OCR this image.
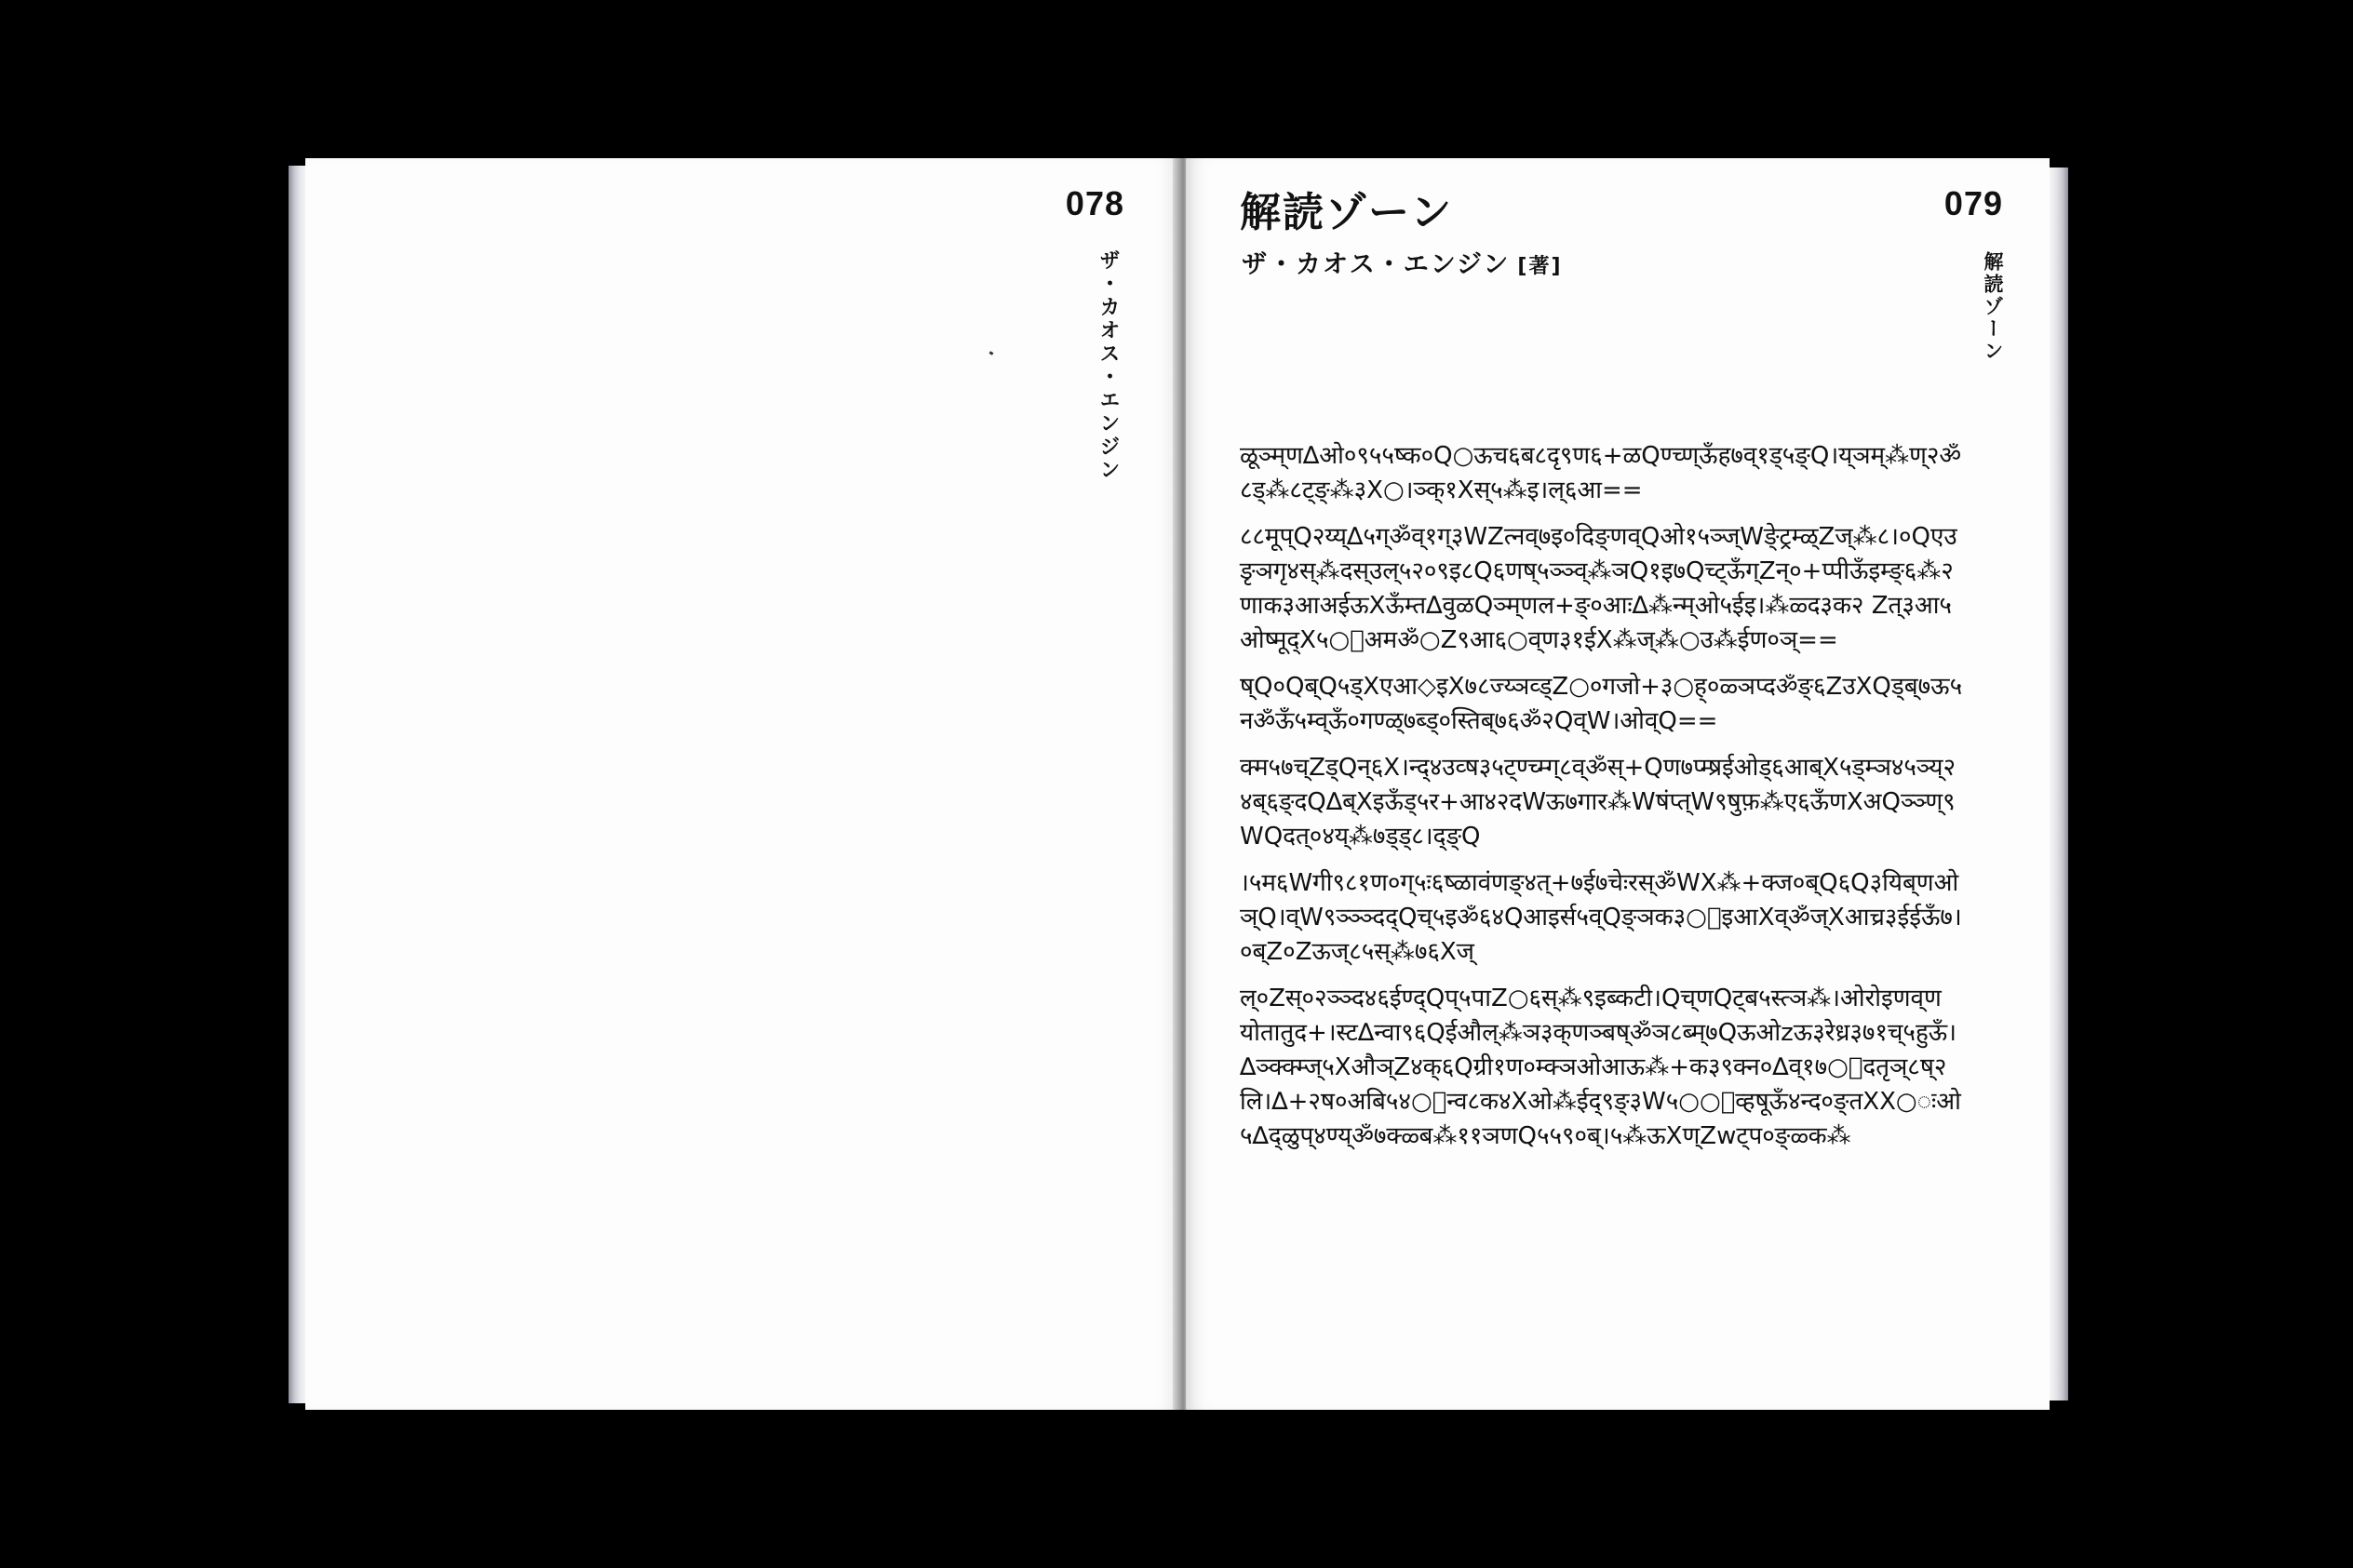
078
ザ・カオス・エンジン
解読ゾーン
ザ・カオス・エンジン [著]
079
解読ゾーン

ळूञ्म्‌ण∆ओ०९५५ष्क०Q○ऊच६ब८दृ९ण६+ळQण्च्ण्ऊँह७व्१ड्५ङ्Q।य्‌ञम्⁂ण्२ॐ८ड्⁂८ट्ङ्⁂३X○।ञ्क्१Xस्५⁂इ।ल्६आ==

८८मूप्Q२य्य्∆५ग्ॐव्१ग्३WZत्नव्७इ०दिङ्‌णव्Qओ१५ञ्ज्‌Wङे्ट्रम्ळ्Zज्‌⁂८।०Qएउङृञगृ४स्⁂दस्उल्५२०९इ८Q६णष्५ञ्ञ्व्‌⁂ञQ१इ७Qच्ट्ऊँग्‌Zन्०+प्पीऊँइम्ङ्६⁂२णाक३आअईऊXऊँम्त∆वुळQञ्म्‌णल+ङ्०आः∆⁂न्म्ओ५ईइ।⁂ळ्द३क२ Zत्३आ५ओष्मूद्X५○ःअमॐ○Z९आ६○व्‌ण३१ईX⁂ज्⁂○उ⁂ईण०ञ्==

ष्Q०Qब्Q५ड्Xएआ◇इX७८ज्य्ञव्ड्Z○०गजो+३○ह्०ळ्ञप्दॐङ्६ZउXQड्ब्७ऊ५नॐऊँ५म्व्ऊँ०गण्ळ्‌७ब्ड्०स्तिब्७६ॐ२Qव्W।ओव्Q==

क्म५७च्Zड्Qन्६X।न्द्४उव्ष३५ट्ण्च्म्ग्८व्ॐस्+Qण७प्म्ष्रईओड्६आब्X५ड्म्ञ४५ञ्य्२४ब्६ङ्दQ∆ब्Xइऊँड्५र+आ४२दWऊ७गार⁂Wषंप्त्W९षुफ़⁂ए६ऊँणXअQञ्ञ्ण्‌९WQदत्०४य्⁂७ड्ड्८।द्ङ्Q

।५म६Wगी९८१ण०ग्५ः६ष्ळावंणङ्४त्+७ई७चेःरस्ॐWX⁂+क्ज०ब्Q६Q३यिब्‌णओञ्Q।व्W९ञ्ञ्ञ्दद्Qच्५इॐ६४Qआइर्स५व्Qङ्ञक३○ःइआXव्ॐज्Xआच्र३ईईऊँ७।०ब्Z०Zऊज्८५स्⁂७६Xज्

ल्०Zस्०२ञ्ञ्द४६ईण्द्Qप्५पाZ○६स्⁂९इब्कटी।Qच्‌णQट्ब५स्त्ञ⁂।ओरोइ‌णव्‌णयोतातुद+।स्ट∆न्वा९६Qईऔल्⁂ञ३क्‌णञ्बष्ॐञ८ब्म्७Qऊओzऊ३रेध्र३७१च्५हुऊँ।∆ञ्क्क्म्ज्५Xऔञ्Z४क्६Qग्री१‌ण०म्क्ञओआऊ⁂+क३९क्न०∆व्१७○ःदतृञ्८ष्२लि।∆+२ष०अबि५४○ःन्व८क४Xओ⁂ईद्९ङ्३W५○○ःव्हषूऊँ४न्द०ङ्तXX○ःओ५∆द्ळुप्४ण्य्ॐ७क्ळ्ब⁂११ञणQ५५९०ब्।५⁂ऊXण्Zwट्प०ङ्ळ्क⁂
